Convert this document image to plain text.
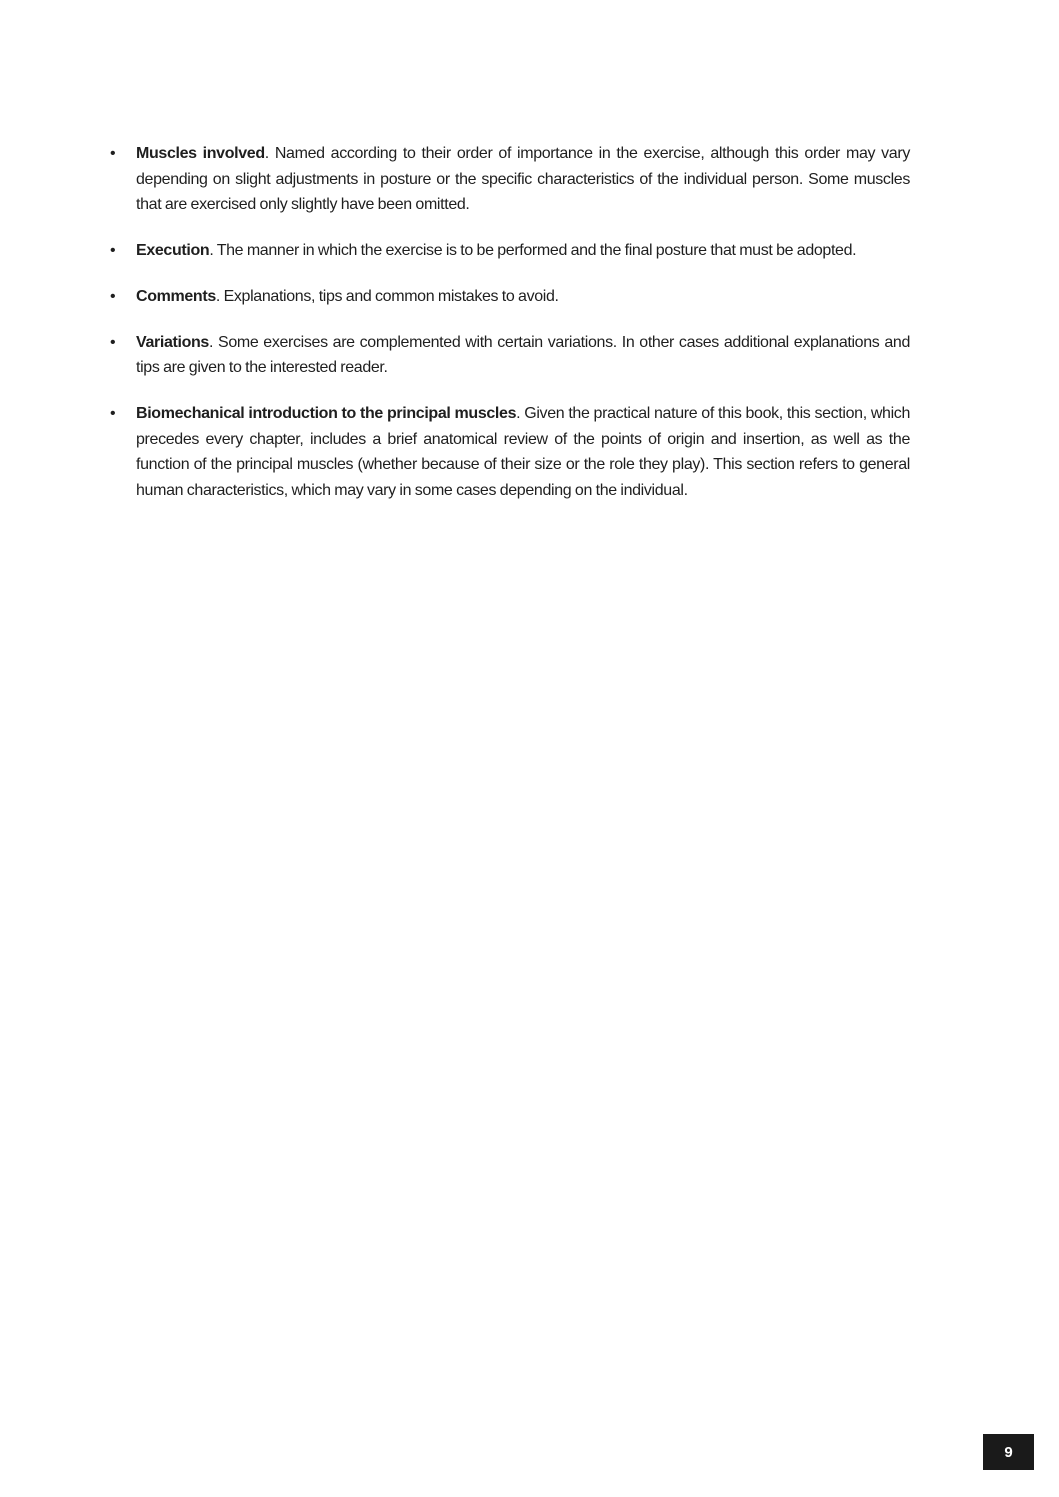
• Muscles involved. Named according to their order of importance in the exercise, although this order may vary depending on slight adjustments in posture or the specific characteristics of the individual person. Some muscles that are exercised only slightly have been omitted.
• Execution. The manner in which the exercise is to be performed and the final posture that must be adopted.
• Comments. Explanations, tips and common mistakes to avoid.
• Variations. Some exercises are complemented with certain variations. In other cases additional explanations and tips are given to the interested reader.
• Biomechanical introduction to the principal muscles. Given the practical nature of this book, this section, which precedes every chapter, includes a brief anatomical review of the points of origin and insertion, as well as the function of the principal muscles (whether because of their size or the role they play). This section refers to general human characteristics, which may vary in some cases depending on the individual.
9
